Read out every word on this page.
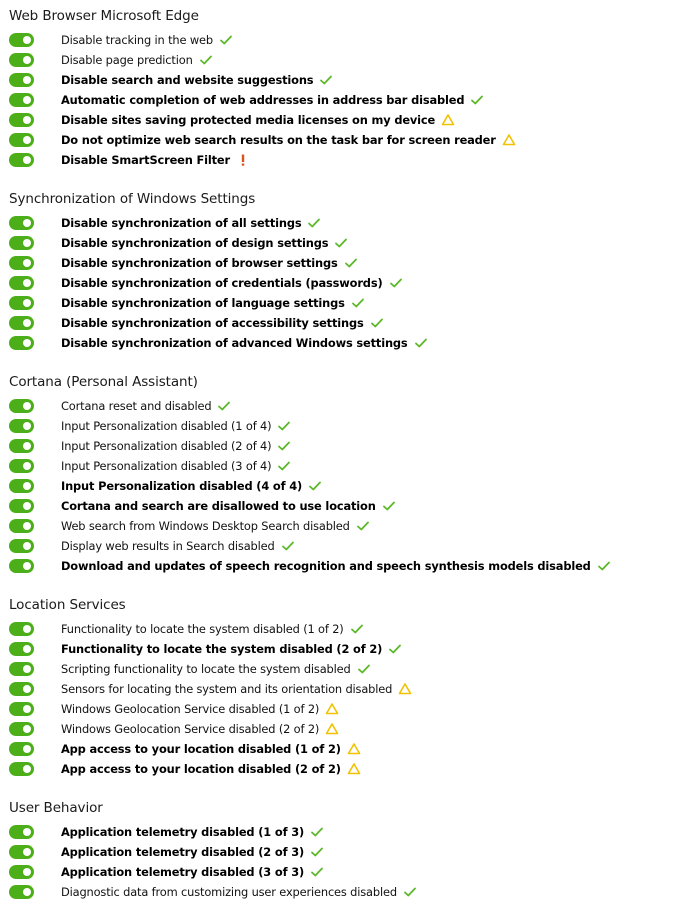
Web Browser Microsoft Edge
Disable tracking in the web
Disable page prediction
Disable search and website suggestions
Automatic completion of web addresses in address bar disabled
Disable sites saving protected media licenses on my device
Do not optimize web search results on the task bar for screen reader
Disable SmartScreen Filter
Synchronization of Windows Settings
Disable synchronization of all settings
Disable synchronization of design settings
Disable synchronization of browser settings
Disable synchronization of credentials (passwords)
Disable synchronization of language settings
Disable synchronization of accessibility settings
Disable synchronization of advanced Windows settings
Cortana (Personal Assistant)
Cortana reset and disabled
Input Personalization disabled (1 of 4)
Input Personalization disabled (2 of 4)
Input Personalization disabled (3 of 4)
Input Personalization disabled (4 of 4)
Cortana and search are disallowed to use location
Web search from Windows Desktop Search disabled
Display web results in Search disabled
Download and updates of speech recognition and speech synthesis models disabled
Location Services
Functionality to locate the system disabled (1 of 2)
Functionality to locate the system disabled (2 of 2)
Scripting functionality to locate the system disabled
Sensors for locating the system and its orientation disabled
Windows Geolocation Service disabled (1 of 2)
Windows Geolocation Service disabled (2 of 2)
App access to your location disabled (1 of 2)
App access to your location disabled (2 of 2)
User Behavior
Application telemetry disabled (1 of 3)
Application telemetry disabled (2 of 3)
Application telemetry disabled (3 of 3)
Diagnostic data from customizing user experiences disabled
